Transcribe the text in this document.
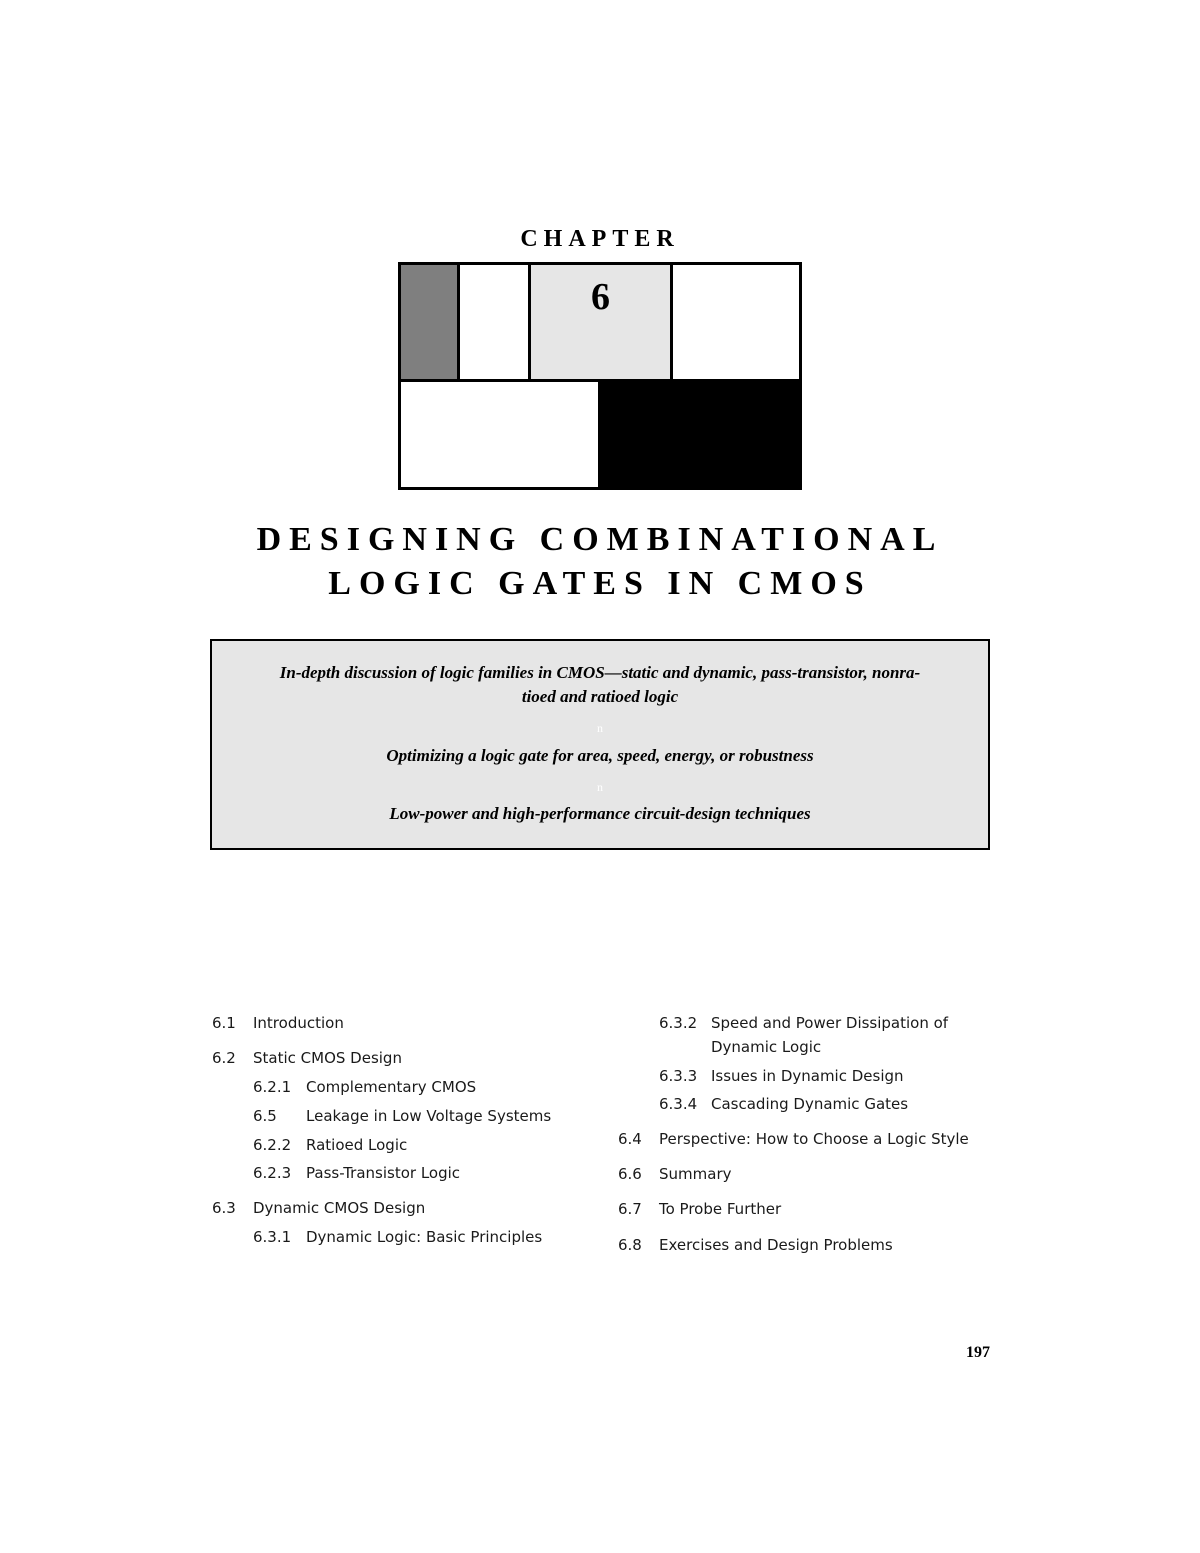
CHAPTER
6
DESIGNING COMBINATIONAL
LOGIC GATES IN CMOS
In-depth discussion of logic families in CMOS—static and dynamic, pass-transistor, nonra-
tioed and ratioed logic
n
Optimizing a logic gate for area, speed, energy, or robustness
n
Low-power and high-performance circuit-design techniques
6.1 Introduction
6.2 Static CMOS Design
6.2.1 Complementary CMOS
6.5 Leakage in Low Voltage Systems
6.2.2 Ratioed Logic
6.2.3 Pass-Transistor Logic
6.3 Dynamic CMOS Design
6.3.1 Dynamic Logic: Basic Principles
6.3.2 Speed and Power Dissipation of
Dynamic Logic
6.3.3 Issues in Dynamic Design
6.3.4 Cascading Dynamic Gates
6.4 Perspective: How to Choose a Logic Style
6.6 Summary
6.7 To Probe Further
6.8 Exercises and Design Problems
197
